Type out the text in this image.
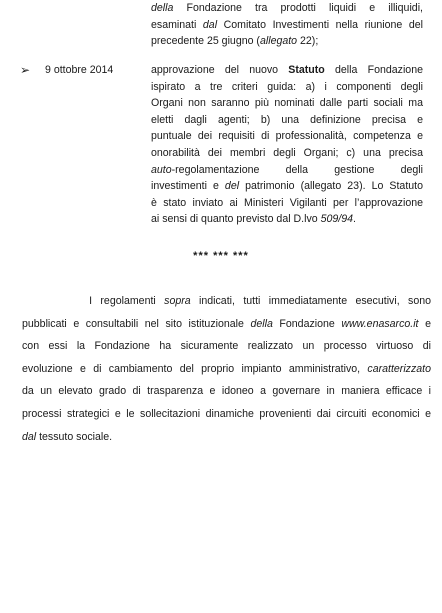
della Fondazione tra prodotti liquidi e illiquidi,
esaminati dal Comitato Investimenti nella riunione del
precedente 25 giugno (allegato 22);
➢ 9 ottobre 2014	approvazione del nuovo Statuto della Fondazione
ispirato a tre criteri guida: a) i componenti degli
Organi non saranno più nominati dalle parti sociali ma
eletti dagli agenti; b) una definizione precisa e
puntuale dei requisiti di professionalità, competenza e
onorabilità dei membri degli Organi; c) una precisa
auto-regolamentazione della gestione degli
investimenti e del patrimonio (allegato 23). Lo Statuto
è stato inviato ai Ministeri Vigilanti per l’approvazione
ai sensi di quanto previsto dal D.lvo 509/94.
*** *** ***
I regolamenti sopra indicati, tutti immediatamente esecutivi, sono
pubblicati e consultabili nel sito istituzionale della Fondazione www.enasarco.it e
con essi la Fondazione ha sicuramente realizzato un processo virtuoso di
evoluzione e di cambiamento del proprio impianto amministrativo, caratterizzato
da un elevato grado di trasparenza e idoneo a governare in maniera efficace i
processi strategici e le sollecitazioni dinamiche provenienti dai circuiti economici e
dal tessuto sociale.
